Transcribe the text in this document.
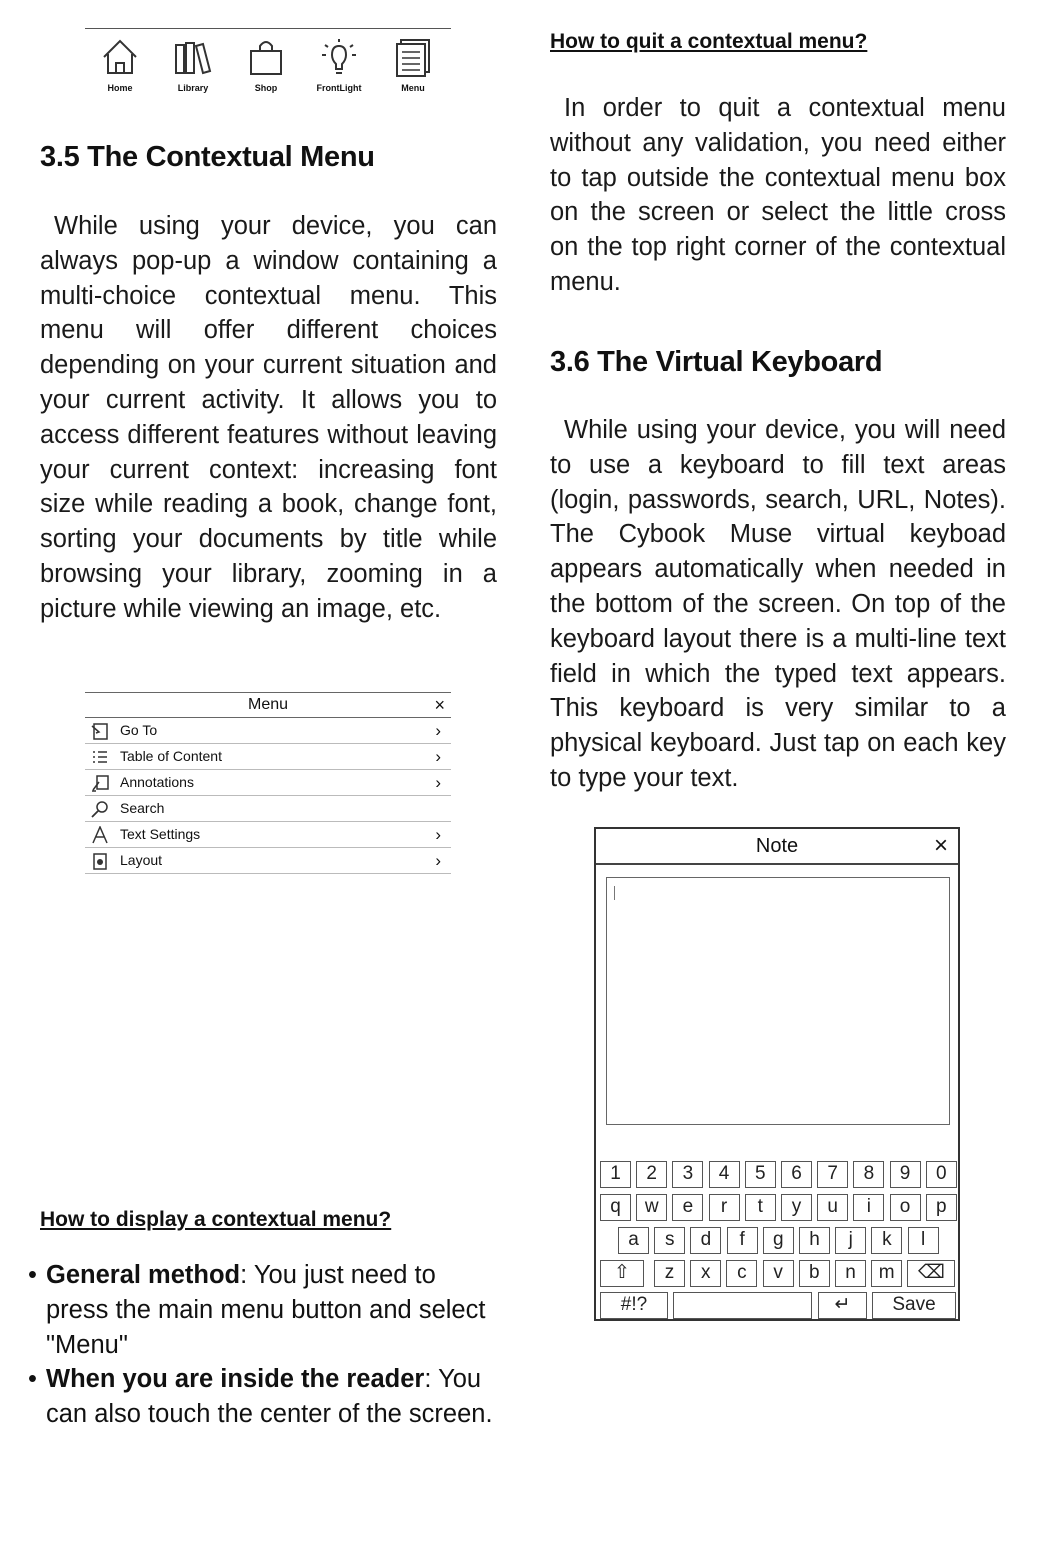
Home	Library	Shop	FrontLight	Menu
3.5 The Contextual Menu

While using your device, you can always pop-up a window containing a multi-choice contextual menu. This menu will offer different choices depending on your current situation and your current activity. It allows you to access different features without leaving your current context: increasing font size while reading a book, change font, sorting your documents by title while browsing your library, zooming in a picture while viewing an image, etc.

Menu	×
Go To	›
Table of Content	›
Annotations	›
Search
Text Settings	›
Layout	›
How to display a contextual menu?
• General method: You just need to press the main menu button and select "Menu"
• When you are inside the reader: You can also touch the center of the screen.
How to quit a contextual menu?

In order to quit a contextual menu without any validation, you need either to tap outside the contextual menu box on the screen or select the little cross on the top right corner of the contextual menu.

3.6 The Virtual Keyboard

While using your device, you will need to use a keyboard to fill text areas (login, passwords, search, URL, Notes). The Cybook Muse virtual keyboad appears automatically when needed in the bottom of the screen. On top of the keyboard layout there is a multi-line text field in which the typed text appears. This keyboard is very similar to a physical keyboard. Just tap on each key to type your text.

Note	×
1	2	3	4	5	6	7	8	9	0
q	w	e	r	t	y	u	i	o	p
a	s	d	f	g	h	j	k	l
⇧	z	x	c	v	b	n	m	⌫
#!?	↵	Save
